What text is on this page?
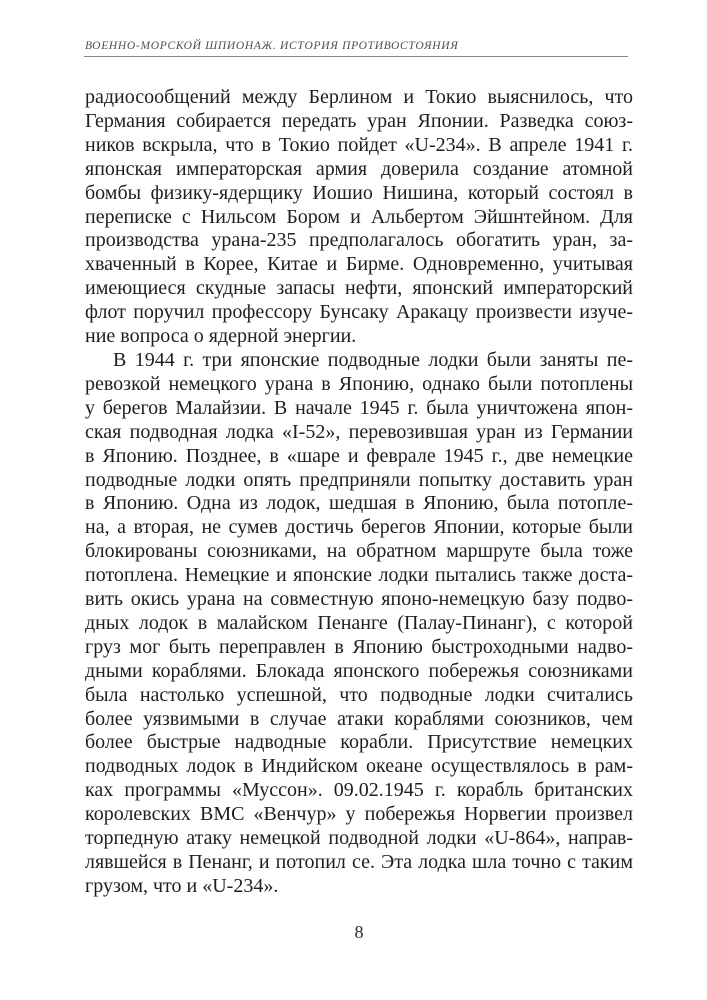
ВОЕННО-МОРСКОЙ ШПИОНАЖ. ИСТОРИЯ ПРОТИВОСТОЯНИЯ
радиосообщений между Берлином и Токио выяснилось, что
Германия собирается передать уран Японии. Разведка союз-
ников вскрыла, что в Токио пойдет «U-234». В апреле 1941 г.
японская императорская армия доверила создание атомной
бомбы физику-ядерщику Иошио Нишина, который состоял в
переписке с Нильсом Бором и Альбертом Эйшнтейном. Для
производства урана-235 предполагалось обогатить уран, за-
хваченный в Корее, Китае и Бирме. Одновременно, учитывая
имеющиеся скудные запасы нефти, японский императорский
флот поручил профессору Бунсаку Аракацу произвести изуче-
ние вопроса о ядерной энергии.
В 1944 г. три японские подводные лодки были заняты пе-
ревозкой немецкого урана в Японию, однако были потоплены
у берегов Малайзии. В начале 1945 г. была уничтожена япон-
ская подводная лодка «I-52», перевозившая уран из Германии
в Японию. Позднее, в «шаре и феврале 1945 г., две немецкие
подводные лодки опять предприняли попытку доставить уран
в Японию. Одна из лодок, шедшая в Японию, была потопле-
на, а вторая, не сумев достичь берегов Японии, которые были
блокированы союзниками, на обратном маршруте была тоже
потоплена. Немецкие и японские лодки пытались также доста-
вить окись урана на совместную японо-немецкую базу подво-
дных лодок в малайском Пенанге (Палау-Пинанг), с которой
груз мог быть переправлен в Японию быстроходными надво-
дными кораблями. Блокада японского побережья союзниками
была настолько успешной, что подводные лодки считались
более уязвимыми в случае атаки кораблями союзников, чем
более быстрые надводные корабли. Присутствие немецких
подводных лодок в Индийском океане осуществлялось в рам-
ках программы «Муссон». 09.02.1945 г. корабль британских
королевских ВМС «Венчур» у побережья Норвегии произвел
торпедную атаку немецкой подводной лодки «U-864», направ-
лявшейся в Пенанг, и потопил се. Эта лодка шла точно с таким
грузом, что и «U-234».
8
